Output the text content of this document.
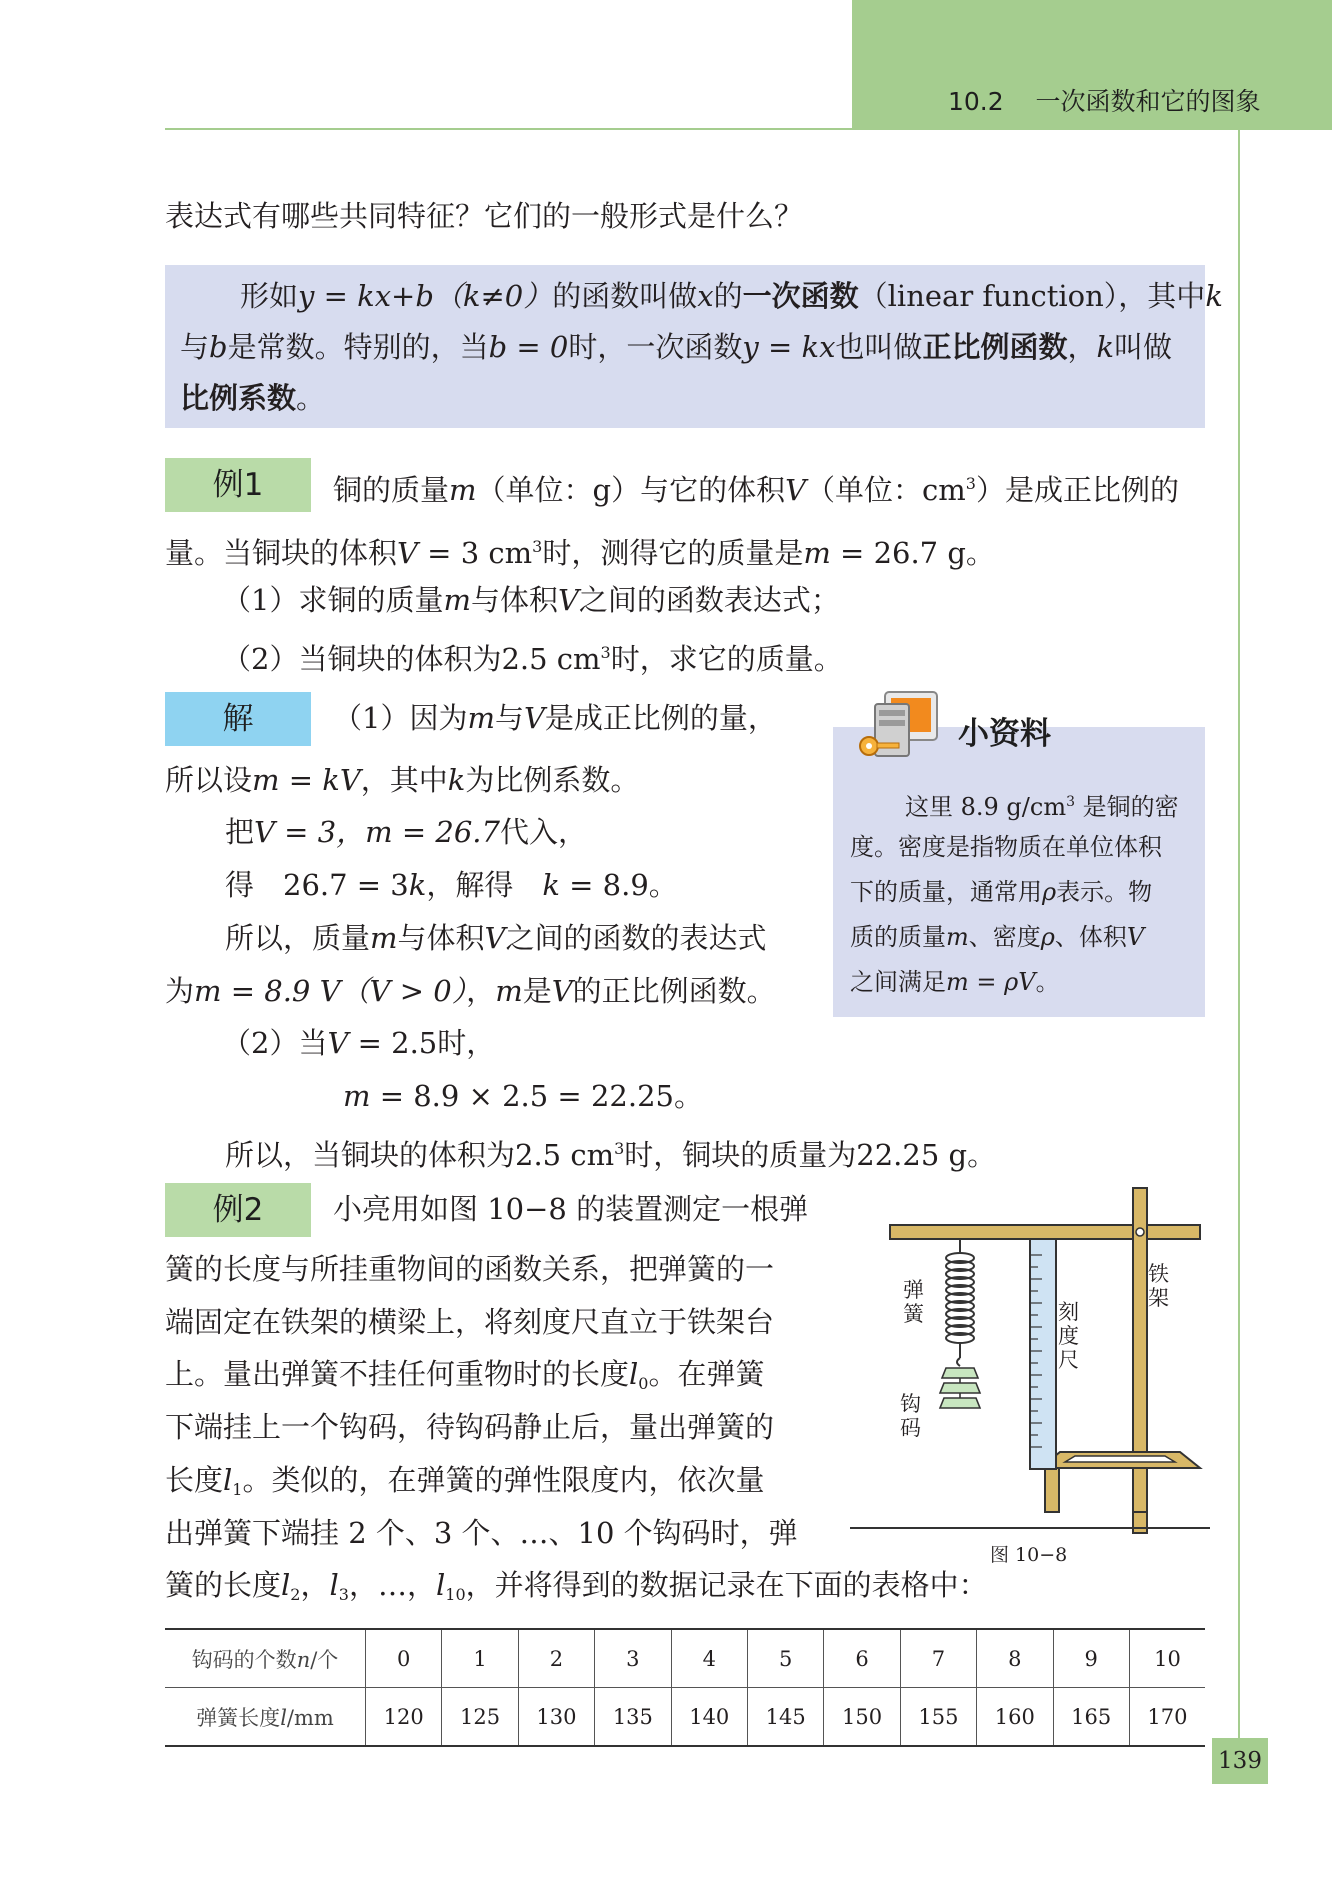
10.2 一次函数和它的图象
表达式有哪些共同特征？它们的一般形式是什么？
形如y = kx+b（k≠0）的函数叫做x的一次函数（linear function），其中k
与b是常数。特别的，当b = 0时，一次函数y = kx也叫做正比例函数，k叫做
比例系数。
例1	铜的质量m（单位：g）与它的体积V（单位：$cm^3$）是成正比例的
量。当铜块的体积V = 3 $cm^3$时，测得它的质量是m = 26.7 g。
（1）求铜的质量m与体积V之间的函数表达式；
（2）当铜块的体积为2.5 $cm^3$时，求它的质量。
解	（1）因为m与V是成正比例的量，
所以设m = kV，其中k为比例系数。
把V = 3，m = 26.7代入，
得　26.7 = 3k，解得　k = 8.9。
所以，质量m与体积V之间的函数的表达式
为m = 8.9 V（V > 0），m是V的正比例函数。
（2）当V = 2.5时，
m = 8.9 × 2.5 = 22.25。
所以，当铜块的体积为2.5 $cm^3$时，铜块的质量为22.25 g。
小资料
这里 8.9 $g/cm^3$ 是铜的密
度。密度是指物质在单位体积
下的质量，通常用ρ表示。物
质的质量m、密度ρ、体积V
之间满足m = ρV。
例2	小亮用如图 10−8 的装置测定一根弹
簧的长度与所挂重物间的函数关系，把弹簧的一
端固定在铁架的横梁上，将刻度尺直立于铁架台
上。量出弹簧不挂任何重物时的长度$l_0$。在弹簧
下端挂上一个钩码，待钩码静止后，量出弹簧的
长度$l_1$。类似的，在弹簧的弹性限度内，依次量
出弹簧下端挂 2 个、3 个、…、10 个钩码时，弹
簧的长度$l_2$，$l_3$，…，$l_{10}$，并将得到的数据记录在下面的表格中：
弹簧
钩码
刻度尺
铁架
图 10−8
钩码的个数n/个	0	1	2	3	4	5	6	7	8	9	10
弹簧长度l/mm	120	125	130	135	140	145	150	155	160	165	170
139
